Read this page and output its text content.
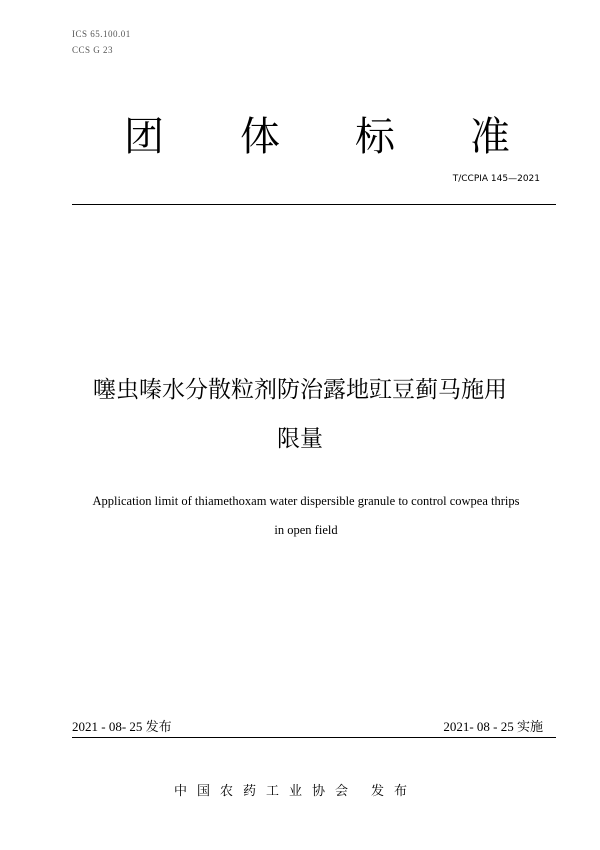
ICS 65.100.01
CCS G 23
团 体 标 准
T/CCPIA 145—2021
噻虫嗪水分散粒剂防治露地豇豆蓟马施用
限量
Application limit of thiamethoxam water dispersible granule to control cowpea thrips
in open field
2021 - 08- 25 发布	2021- 08 - 25 实施
中国农药工业协会 发布
